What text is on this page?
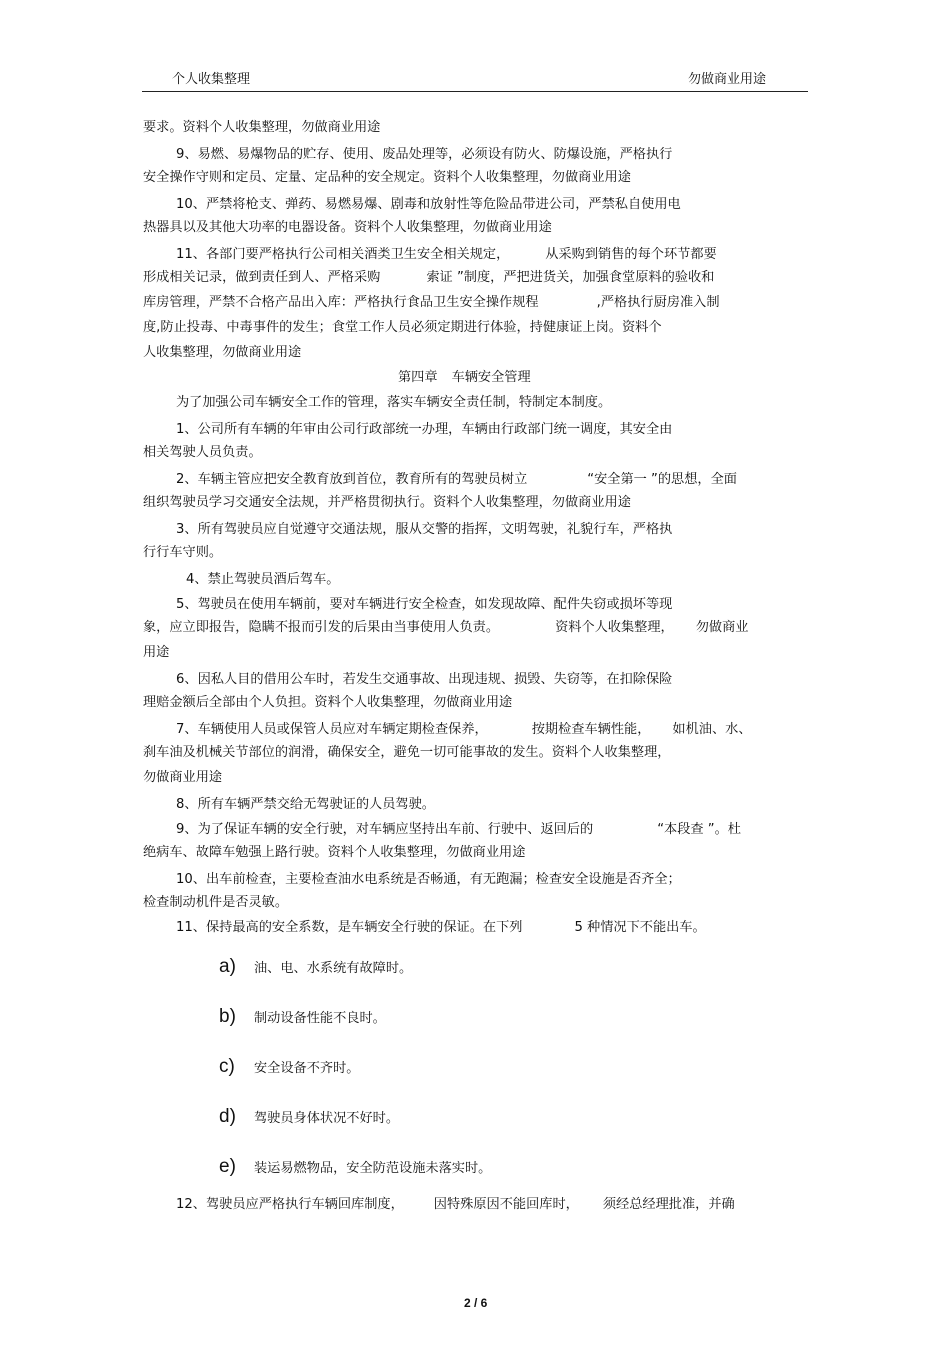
个人收集整理	勿做商业用途
要求。资料个人收集整理，勿做商业用途
9、易燃、易爆物品的贮存、使用、废品处理等，必须设有防火、防爆设施，严格执行
安全操作守则和定员、定量、定品种的安全规定。资料个人收集整理，勿做商业用途
10、严禁将枪支、弹药、易燃易爆、剧毒和放射性等危险品带进公司，严禁私自使用电
热器具以及其他大功率的电器设备。资料个人收集整理，勿做商业用途
11、各部门要严格执行公司相关酒类卫生安全相关规定，	从采购到销售的每个环节都要
形成相关记录，做到责任到人、严格采购	索证 ”制度，严把进货关，加强食堂原料的验收和
库房管理，严禁不合格产品出入库：严格执行食品卫生安全操作规程	,严格执行厨房准入制
度,防止投毒、中毒事件的发生；食堂工作人员必须定期进行体验，持健康证上岗。资料个
人收集整理，勿做商业用途
第四章 车辆安全管理
为了加强公司车辆安全工作的管理，落实车辆安全责任制，特制定本制度。
1、公司所有车辆的年审由公司行政部统一办理，车辆由行政部门统一调度，其安全由
相关驾驶人员负责。
2、车辆主管应把安全教育放到首位，教育所有的驾驶员树立	“安全第一 ”的思想，全面
组织驾驶员学习交通安全法规，并严格贯彻执行。资料个人收集整理，勿做商业用途
3、所有驾驶员应自觉遵守交通法规，服从交警的指挥，文明驾驶，礼貌行车，严格执
行行车守则。
4、禁止驾驶员酒后驾车。
5、驾驶员在使用车辆前，要对车辆进行安全检查，如发现故障、配件失窃或损坏等现
象，应立即报告，隐瞒不报而引发的后果由当事使用人负责。	资料个人收集整理， 勿做商业
用途
6、因私人目的借用公车时，若发生交通事故、出现违规、损毁、失窃等，在扣除保险
理赔金额后全部由个人负担。资料个人收集整理，勿做商业用途
7、车辆使用人员或保管人员应对车辆定期检查保养，	按期检查车辆性能， 如机油、水、
刹车油及机械关节部位的润滑，确保安全，避免一切可能事故的发生。资料个人收集整理，
勿做商业用途
8、所有车辆严禁交给无驾驶证的人员驾驶。
9、为了保证车辆的安全行驶，对车辆应坚持出车前、行驶中、返回后的	“本段查 ”。杜
绝病车、故障车勉强上路行驶。资料个人收集整理，勿做商业用途
10、出车前检查，主要检查油水电系统是否畅通，有无跑漏；检查安全设施是否齐全；
检查制动机件是否灵敏。
11、保持最高的安全系数，是车辆安全行驶的保证。在下列	5 种情况下不能出车。
a) 油、电、水系统有故障时。
b) 制动设备性能不良时。
c) 安全设备不齐时。
d) 驾驶员身体状况不好时。
e) 装运易燃物品，安全防范设施未落实时。
12、驾驶员应严格执行车辆回库制度， 因特殊原因不能回库时， 须经总经理批准，并确
2 / 6
